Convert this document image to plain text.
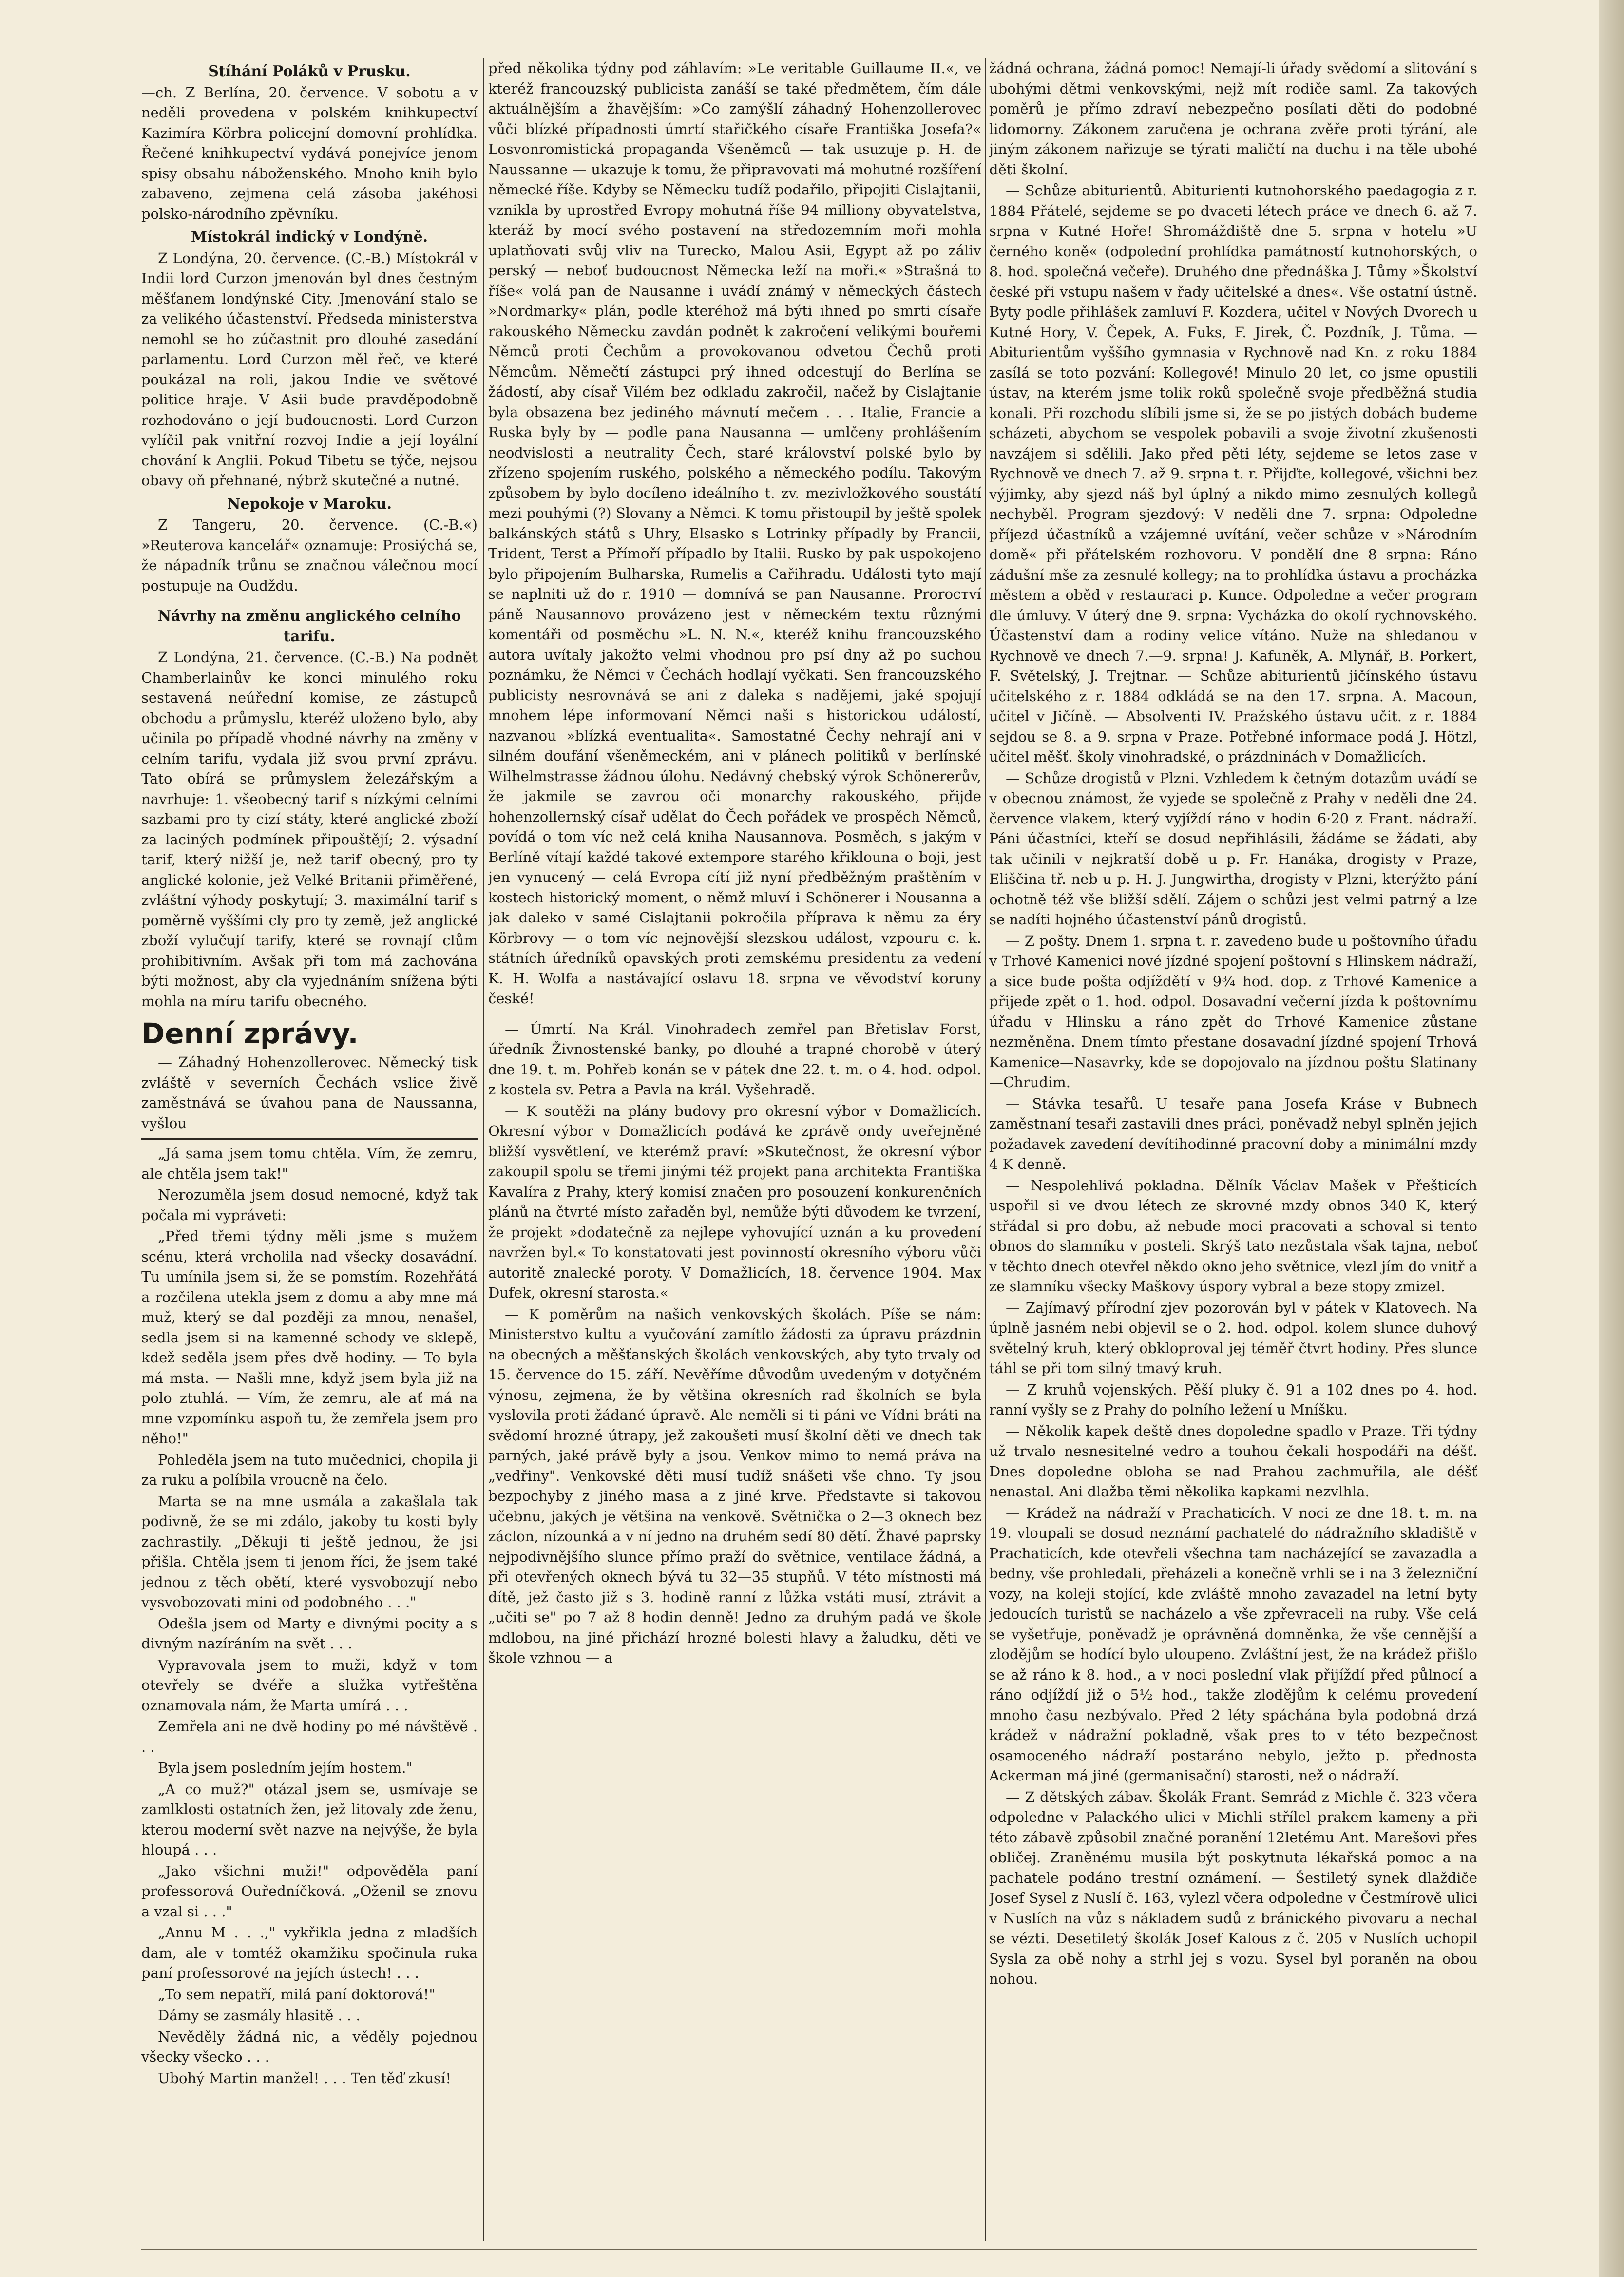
Stíhání Poláků v Prusku.

—ch. Z Berlína, 20. července. V sobotu a v neděli provedena v polském knihkupectví Kazimíra Körbra policejní domovní prohlídka. Řečené knihkupectví vydává ponejvíce jenom spisy obsahu náboženského. Mnoho knih bylo zabaveno, zejmena celá zásoba jakéhosi polsko-národního zpěvníku.

Místokrál indický v Londýně.

Z Londýna, 20. července. (C.-B.) Místokrál v Indii lord Curzon jmenován byl dnes čestným měšťanem londýnské City. Jmenování stalo se za velikého účastenství. Předseda ministerstva nemohl se ho zúčastnit pro dlouhé zasedání parlamentu. Lord Curzon měl řeč, ve které poukázal na roli, jakou Indie ve světové politice hraje. V Asii bude pravděpodobně rozhodováno o její budoucnosti. Lord Curzon vylíčil pak vnitřní rozvoj Indie a její loyální chování k Anglii. Pokud Tibetu se týče, nejsou obavy oň přehnané, nýbrž skutečné a nutné.

Nepokoje v Maroku.

Z Tangeru, 20. července. (C.-B.«) »Reuterova kancelář« oznamuje: Prosiýchá se, že nápadník trůnu se značnou válečnou mocí postupuje na Oudždu.

Návrhy na změnu anglického celního tarifu.

Z Londýna, 21. července. (C.-B.) Na podnět Chamberlainův ke konci minulého roku sestavená neúřední komise, ze zástupců obchodu a průmyslu, kteréž uloženo bylo, aby učinila po případě vhodné návrhy na změny v celním tarifu, vydala již svou první zprávu. Tato obírá se průmyslem železářským a navrhuje: 1. všeobecný tarif s nízkými celními sazbami pro ty cizí státy, které anglické zboží za laciných podmínek připouštějí; 2. výsadní tarif, který nižší je, než tarif obecný, pro ty anglické kolonie, jež Velké Britanii přiměřené, zvláštní výhody poskytují; 3. maximální tarif s poměrně vyššími cly pro ty země, jež anglické zboží vylučují tarify, které se rovnají clům prohibitivním. Avšak při tom má zachována býti možnost, aby cla vyjednáním snížena býti mohla na míru tarifu obecného.

Denní zprávy.

— Záhadný Hohenzollerovec. Německý tisk zvláště v severních Čechách vslice živě zaměstnává se úvahou pana de Naussanna, vyšlou

„Já sama jsem tomu chtěla. Vím, že zemru, ale chtěla jsem tak!"

Nerozuměla jsem dosud nemocné, když tak počala mi vypráveti:

„Před třemi týdny měli jsme s mužem scénu, která vrcholila nad všecky dosavádní. Tu umínila jsem si, že se pomstím. Rozehřátá a rozčilena utekla jsem z domu a aby mne má muž, který se dal později za mnou, nenašel, sedla jsem si na kamenné schody ve sklepě, kdež seděla jsem přes dvě hodiny. — To byla má msta. — Našli mne, když jsem byla již na polo ztuhlá. — Vím, že zemru, ale ať má na mne vzpomínku aspoň tu, že zemřela jsem pro něho!"

Pohleděla jsem na tuto mučednici, chopila ji za ruku a políbila vroucně na čelo.

Marta se na mne usmála a zakašlala tak podivně, že se mi zdálo, jakoby tu kosti byly zachrastily. „Děkuji ti ještě jednou, že jsi přišla. Chtěla jsem ti jenom říci, že jsem také jednou z těch obětí, které vysvobozují nebo vysvobozovati mini od podobného . . ."

Odešla jsem od Marty e divnými pocity a s divným nazíráním na svět . . .

Vypravovala jsem to muži, když v tom otevřely se dvéře a služka vytřeštěna oznamovala nám, že Marta umírá . . .

Zemřela ani ne dvě hodiny po mé návštěvě . . .

Byla jsem posledním jejím hostem."

„A co muž?" otázal jsem se, usmívaje se zamlklosti ostatních žen, jež litovaly zde ženu, kterou moderní svět nazve na nejvýše, že byla hloupá . . .

„Jako všichni muži!" odpověděla paní professorová Ouředníčková. „Oženil se znovu a vzal si . . ."

„Annu M . . .," vykřikla jedna z mladších dam, ale v tomtéž okamžiku spočinula ruka paní professorové na jejích ústech! . . .

„To sem nepatří, milá paní doktorová!"

Dámy se zasmály hlasitě . . .

Nevěděly žádná nic, a věděly pojednou všecky všecko . . .

Ubohý Martin manžel! . . . Ten těď zkusí!

před několika týdny pod záhlavím: »Le veritable Guillaume II.«, ve kteréž francouzský publicista zanáší se také předmětem, čím dále aktuálnějším a žhavějším: »Co zamýšlí záhadný Hohenzollerovec vůči blízké případnosti úmrtí stařičkého císaře Františka Josefa?« Losvonromistická propaganda Všeněmců — tak usuzuje p. H. de Naussanne — ukazuje k tomu, že připravovati má mohutné rozšíření německé říše. Kdyby se Německu tudíž podařilo, připojiti Cislajtanii, vznikla by uprostřed Evropy mohutná říše 94 milliony obyvatelstva, kteráž by mocí svého postavení na středozemním moři mohla uplatňovati svůj vliv na Turecko, Malou Asii, Egypt až po záliv perský — neboť budoucnost Německa leží na moři.« »Strašná to říše« volá pan de Nausanne i uvádí známý v německých částech »Nordmarky« plán, podle kteréhož má býti ihned po smrti císaře rakouského Německu zavdán podnět k zakročení velikými bouřemi Němců proti Čechům a provokovanou odvetou Čechů proti Němcům. Němečtí zástupci prý ihned odcestují do Berlína se žádostí, aby císař Vilém bez odkladu zakročil, načež by Cislajtanie byla obsazena bez jediného mávnutí mečem . . . Italie, Francie a Ruska byly by — podle pana Nausanna — umlčeny prohlášením neodvislosti a neutrality Čech, staré království polské bylo by zřízeno spojením ruského, polského a německého podílu. Takovým způsobem by bylo docíleno ideálního t. zv. mezivložkového soustátí mezi pouhými (?) Slovany a Němci. K tomu přistoupil by ještě spolek balkánských států s Uhry, Elsasko s Lotrinky případly by Francii, Trident, Terst a Přímoří případlo by Italii. Rusko by pak uspokojeno bylo připojením Bulharska, Rumelis a Cařihradu. Události tyto mají se naplniti už do r. 1910 — domnívá se pan Nausanne. Prorocтví páně Nausannovo provázeno jest v německém textu různými komentáři od posměchu »L. N. N.«, kteréž knihu francouzského autora uvítaly jakožto velmi vhodnou pro psí dny až po suchou poznámku, že Němci v Čechách hodlají vyčkati. Sen francouzského publicisty nesrovnává se ani z daleka s nadějemi, jaké spojují mnohem lépe informovaní Němci naši s historickou událostí, nazvanou »blízká eventualita«. Samostatné Čechy nehrají ani v silném doufání všeněmeckém, ani v plánech politiků v berlínské Wilhelmstrasse žádnou úlohu. Nedávný chebský výrok Schönererův, že jakmile se zavrou oči monarchy rakouského, přijde hohenzollernský císař udělat do Čech pořádek ve prospěch Němců, povídá o tom víc než celá kniha Nausannova. Posměch, s jakým v Berlíně vítají každé takové extempore starého křiklouna o boji, jest jen vynucený — celá Evropa cítí již nyní předběžným praštěním v kostech historický moment, o němž mluví i Schönerer i Nousanna a jak daleko v samé Cislajtanii pokročila příprava k němu za éry Körbrovy — o tom víc nejnovější slezskou událost, vzpouru c. k. státních úředníků opavských proti zemskému presidentu za vedení K. H. Wolfa a nastávající oslavu 18. srpna ve věvodství koruny české!

— Úmrtí. Na Král. Vinohradech zemřel pan Břetislav Forst, úředník Živnostenské banky, po dlouhé a trapné chorobě v úterý dne 19. t. m. Pohřeb konán se v pátek dne 22. t. m. o 4. hod. odpol. z kostela sv. Petra a Pavla na král. Vyšehradě.

— K soutěži na plány budovy pro okresní výbor v Domažlicích. Okresní výbor v Domažlicích podává ke zprávě ondy uveřejněné bližší vysvětlení, ve kterémž praví: »Skutečnost, že okresní výbor zakoupil spolu se třemi jinými též projekt pana architekta Františka Kavalíra z Prahy, který komisí značen pro posouzení konkurenčních plánů na čtvrté místo zařaděn byl, nemůže býti důvodem ke tvrzení, že projekt »dodatečně za nejlepe vyhovující uznán a ku provedení navržen byl.« To konstatovati jest povinností okresního výboru vůči autoritě znalecké poroty. V Domažlicích, 18. července 1904. Max Dufek, okresní starosta.«

— K poměrům na našich venkovských školách. Píše se nám: Ministerstvo kultu a vyučování zamítlo žádosti za úpravu prázdnin na obecných a měšťanských školách venkovských, aby tyto trvaly od 15. července do 15. září. Nevěříme důvodům uvedeným v dotyčném výnosu, zejmena, že by většina okresních rad školních se byla vyslovila proti žádané úpravě. Ale neměli si ti páni ve Vídni bráti na svědomí hrozné útrapy, jež zakoušeti musí školní děti ve dnech tak parných, jaké právě byly a jsou. Venkov mimo to nemá práva na „vedřiny". Venkovské děti musí tudíž snášeti vše chno. Ty jsou bezpochyby z jiného masa a z jiné krve. Představte si takovou učebnu, jakých je většina na venkově. Světnička o 2—3 oknech bez záclon, nízounká a v ní jedno na druhém sedí 80 dětí. Žhavé paprsky nejpodivnějšího slunce přímo praží do světnice, ventilace žádná, a při otevřených oknech bývá tu 32—35 stupňů. V této místnosti má dítě, jež často již s 3. hodině ranní z lůžka vstáti musí, ztrávit a „učiti se" po 7 až 8 hodin denně! Jedno za druhým padá ve škole mdlobou, na jiné přichází hrozné bolesti hlavy a žaludku, děti ve škole vzhnou — a

žádná ochrana, žádná pomoc! Nemají-li úřady svědomí a slitování s ubohými dětmi venkovskými, nejž mít rodiče saml. Za takových poměrů je přímo zdraví nebezpečno posílati děti do podobné lidomorny. Zákonem zaručena je ochrana zvěře proti týrání, ale jiným zákonem nařizuje se týrati maličtí na duchu i na těle ubohé děti školní.

— Schůze abiturientů. Abiturienti kutnohorského paedagogia z r. 1884 Přátelé, sejdeme se po dvaceti létech práce ve dnech 6. až 7. srpna v Kutné Hoře! Shromáždiště dne 5. srpna v hotelu »U černého koně« (odpolední prohlídka památností kutnohorských, o 8. hod. společná večeře). Druhého dne přednáška J. Tůmy »Školství české při vstupu našem v řady učitelské a dnes«. Vše ostatní ústně. Byty podle přihlášek zamluví F. Kozderа, učitel v Nových Dvorech u Kutné Hory, V. Čepek, A. Fuks, F. Jirek, Č. Pozdník, J. Tůma. — Abiturientům vyššího gymnasia v Rychnově nad Kn. z roku 1884 zasílá se toto pozvání: Kollegové! Minulo 20 let, co jsme opustili ústav, na kterém jsme tolik roků společně svoje předběžná studia konali. Při rozchodu slíbili jsme si, že se po jistých dobách budeme scházeti, abychom se vespolek pobavili a svoje životní zkušenosti navzájem si sdělili. Jako před pěti léty, sejdeme se letos zase v Rychnově ve dnech 7. až 9. srpna t. r. Přijďte, kollegové, všichni bez výjimky, aby sjezd náš byl úplný a nikdo mimo zesnulých kollegů nechyběl. Program sjezdový: V neděli dne 7. srpna: Odpoledne příjezd účastníků a vzájemné uvítání, večer schůze v »Národním domě« při přátelském rozhovoru. V pondělí dne 8 srpna: Ráno zádušní mše za zesnulé kollegy; na to prohlídka ústavu a procházka městem a oběd v restauraci p. Kunce. Odpoledne a večer program dle úmluvy. V úterý dne 9. srpna: Vycházka do okolí rychnovského. Účastenství dam a rodiny velice vítáno. Nuže na shledanou v Rychnově ve dnech 7.—9. srpna! J. Kafuněk, A. Mlynář, B. Porkert, F. Světelský, J. Trejtnar. — Schůze abiturientů jičínského ústavu učitelského z r. 1884 odkládá se na den 17. srpna. A. Macoun, učitel v Jičíně. — Absolventi IV. Pražského ústavu učit. z r. 1884 sejdou se 8. a 9. srpna v Praze. Potřebné informace podá J. Hötzl, učitel měšť. školy vinohradské, o prázdninách v Domažlicích.

— Schůze drogistů v Plzni. Vzhledem k četným dotazům uvádí se v obecnou známost, že vyjede se společně z Prahy v neděli dne 24. července vlakem, který vyjíždí ráno v hodin 6·20 z Frant. nádraží. Páni účastníci, kteří se dosud nepřihlásili, žádáme se žádati, aby tak učinili v nejkratší době u p. Fr. Hanáka, drogisty v Praze, Eliščina tř. neb u p. H. J. Jungwirtha, drogisty v Plzni, kterýžto pání ochotně též vše bližší sdělí. Zájem o schůzi jest velmi patrný a lze se nadíti hojného účastenství pánů drogistů.

— Z pošty. Dnem 1. srpna t. r. zavedeno bude u poštovního úřadu v Trhové Kamenici nové jízdné spojení poštovní s Hlinskem nádraží, a sice bude pošta odjíždětí v 9¾ hod. dop. z Trhové Kamenice a přijede zpět o 1. hod. odpol. Dosavadní večerní jízda k poštovnímu úřadu v Hlinsku a ráno zpět do Trhové Kamenice zůstane nezměněna. Dnem tímto přestane dosavadní jízdné spojení Trhová Kamenice—Nasavrky, kde se dopojovalo na jízdnou poštu Slatinany—Chrudim.

— Stávka tesařů. U tesaře pana Josefa Kráse v Bubnech zaměstnaní tesaři zastavili dnes práci, poněvadž nebyl splněn jejich požadavek zavedení devítihodinné pracovní doby a minimální mzdy 4 K denně.

— Nespolehlivá pokladna. Dělník Václav Mašek v Přešticích uspořil si ve dvou létech ze skrovné mzdy obnos 340 K, který střádal si pro dobu, až nebude moci pracovati a schoval si tento obnos do slamníku v posteli. Skrýš tato nezůstala však tajna, neboť v těchto dnech otevřel někdo okno jeho světnice, vlezl jím do vnitř a ze slamníku všecky Maškovy úspory vybral a beze stopy zmizel.

— Zajímavý přírodní zjev pozorován byl v pátek v Klatovech. Na úplně jasném nebi objevil se o 2. hod. odpol. kolem slunce duhový světelný kruh, který obkloproval jej téměř čtvrt hodiny. Přes slunce táhl se při tom silný tmavý kruh.

— Z kruhů vojenských. Pěší pluky č. 91 a 102 dnes po 4. hod. ranní vyšly se z Prahy do polního ležení u Mníšku.

— Několik kapek deště dnes dopoledne spadlo v Praze. Tři týdny už trvalo nesnesitelné vedro a touhou čekali hospodáři na déšť. Dnes dopoledne obloha se nad Prahou zachmuřila, ale déšť nenastal. Ani dlažba těmi několika kapkami nezvlhla.

— Krádež na nádraží v Prachaticích. V noci ze dne 18. t. m. na 19. vloupali se dosud neznámí pachatelé do nádražního skladiště v Prachaticích, kde otevřeli všechna tam nacházející se zavazadla a bedny, vše prohledali, přeházeli a konečně vrhli se i na 3 železniční vozy, na koleji stojící, kde zvláště mnoho zavazadel na letní byty jedoucích turistů se nacházelo a vše zpřevraceli na ruby. Vše celá se vyšetřuje, poněvadž je oprávněná domněnka, že vše cennější a zlodějům se hodící bylo uloupeno. Zvláštní jest, že na krádež přišlo se až ráno k 8. hod., a v noci poslední vlak přijíždí před půlnocí a ráno odjíždí již o 5½ hod., takže zlodějům k celému provedení mnoho času nezbývalo. Před 2 léty spáchána byla podobná drzá krádež v nádražní pokladně, však pres to v této bezpečnost osamoceného nádraží postaráno nebylo, ježto p. přednosta Ackerman má jiné (germanisační) starosti, než o nádraží.

— Z dětských zábav. Školák Frant. Semrád z Michle č. 323 včera odpoledne v Palackého ulici v Michli střílel prakem kameny a při této zábavě způsobil značné poranění 12letému Ant. Marešovi přes obličej. Zraněnému musila být poskytnuta lékařská pomoc a na pachatele podáno trestní oznámení. — Šestiletý synek dlaždiče Josef Sysel z Nuslí č. 163, vylezl včera odpoledne v Čestmírově ulici v Nuslích na vůz s nákladem sudů z bránického pivovaru a nechal se vézti. Desetiletý školák Josef Kalous z č. 205 v Nuslích uchopil Sysla za obě nohy a strhl jej s vozu. Sysel byl poraněn na obou nohou.
